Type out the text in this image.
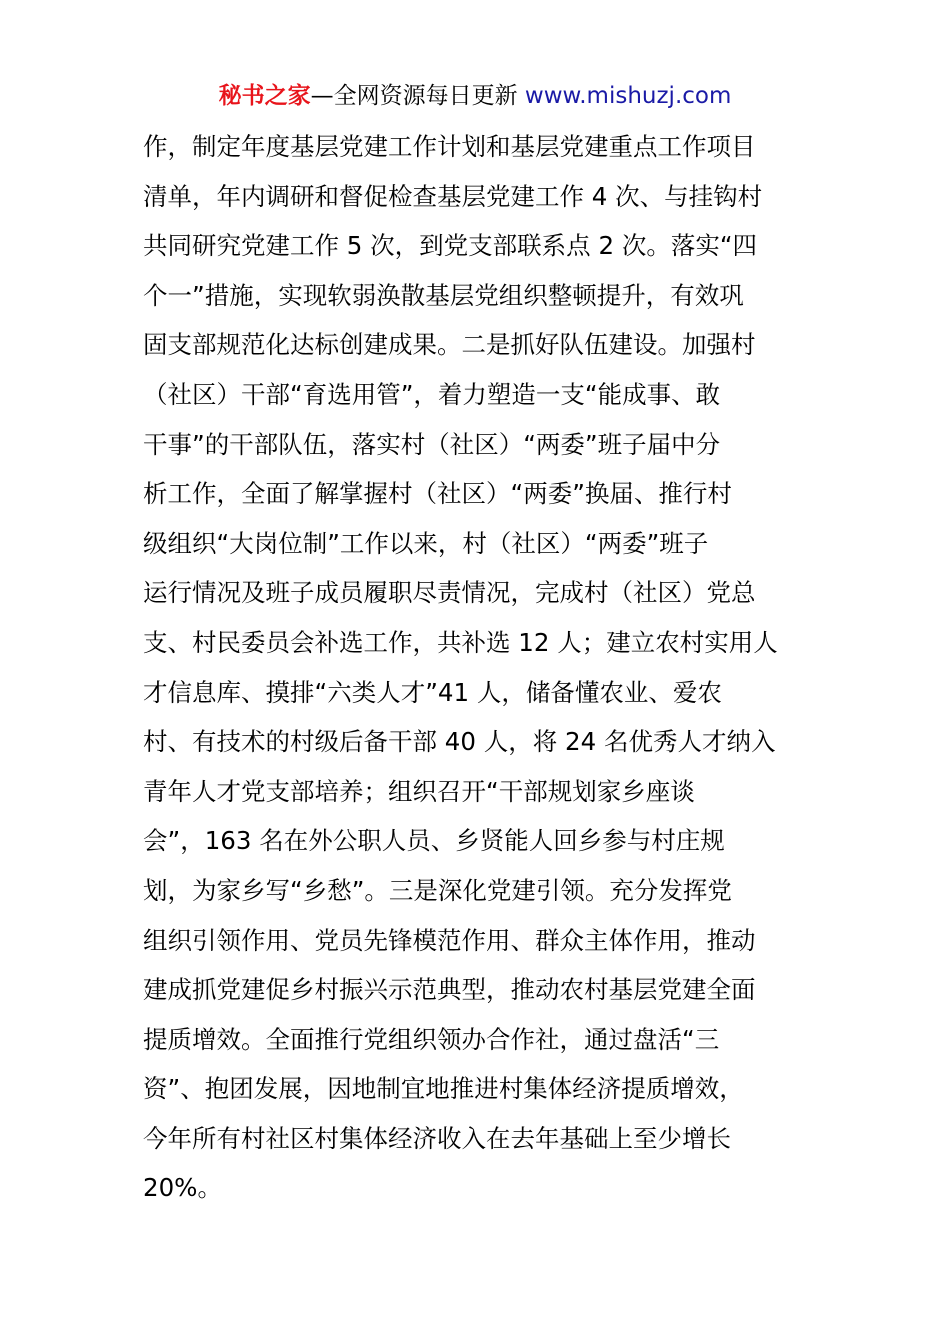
秘书之家—全网资源每日更新 www.mishuzj.com
作，制定年度基层党建工作计划和基层党建重点工作项目
清单，年内调研和督促检查基层党建工作 4 次、与挂钩村
共同研究党建工作 5 次，到党支部联系点 2 次。落实“四
个一”措施，实现软弱涣散基层党组织整顿提升，有效巩
固支部规范化达标创建成果。二是抓好队伍建设。加强村
（社区）干部“育选用管”，着力塑造一支“能成事、敢
干事”的干部队伍，落实村（社区）“两委”班子届中分
析工作，全面了解掌握村（社区）“两委”换届、推行村
级组织“大岗位制”工作以来，村（社区）“两委”班子
运行情况及班子成员履职尽责情况，完成村（社区）党总
支、村民委员会补选工作，共补选 12 人；建立农村实用人
才信息库、摸排“六类人才”41 人，储备懂农业、爱农
村、有技术的村级后备干部 40 人，将 24 名优秀人才纳入
青年人才党支部培养；组织召开“干部规划家乡座谈
会”，163 名在外公职人员、乡贤能人回乡参与村庄规
划，为家乡写“乡愁”。三是深化党建引领。充分发挥党
组织引领作用、党员先锋模范作用、群众主体作用，推动
建成抓党建促乡村振兴示范典型，推动农村基层党建全面
提质增效。全面推行党组织领办合作社，通过盘活“三
资”、抱团发展，因地制宜地推进村集体经济提质增效，
今年所有村社区村集体经济收入在去年基础上至少增长
20%。
